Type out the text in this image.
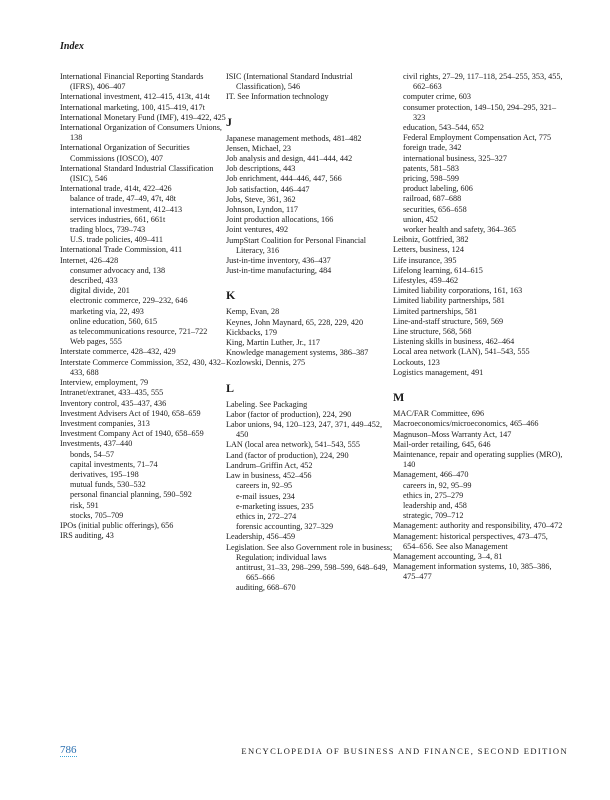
Index
International Financial Reporting Standards (IFRS), 406–407
International investment, 412–415, 413t, 414t
International marketing, 100, 415–419, 417t
International Monetary Fund (IMF), 419–422, 425
International Organization of Consumers Unions, 138
International Organization of Securities Commissions (IOSCO), 407
International Standard Industrial Classification (ISIC), 546
International trade, 414t, 422–426
balance of trade, 47–49, 47t, 48t
international investment, 412–413
services industries, 661, 661t
trading blocs, 739–743
U.S. trade policies, 409–411
International Trade Commission, 411
Internet, 426–428
consumer advocacy and, 138
described, 433
digital divide, 201
electronic commerce, 229–232, 646
marketing via, 22, 493
online education, 560, 615
as telecommunications resource, 721–722
Web pages, 555
Interstate commerce, 428–432, 429
Interstate Commerce Commission, 352, 430, 432–433, 688
Interview, employment, 79
Intranet/extranet, 433–435, 555
Inventory control, 435–437, 436
Investment Advisers Act of 1940, 658–659
Investment companies, 313
Investment Company Act of 1940, 658–659
Investments, 437–440
bonds, 54–57
capital investments, 71–74
derivatives, 195–198
mutual funds, 530–532
personal financial planning, 590–592
risk, 591
stocks, 705–709
IPOs (initial public offerings), 656
IRS auditing, 43
ISIC (International Standard Industrial Classification), 546
IT. See Information technology
J
Japanese management methods, 481–482
Jensen, Michael, 23
Job analysis and design, 441–444, 442
Job descriptions, 443
Job enrichment, 444–446, 447, 566
Job satisfaction, 446–447
Jobs, Steve, 361, 362
Johnson, Lyndon, 117
Joint production allocations, 166
Joint ventures, 492
JumpStart Coalition for Personal Financial Literacy, 316
Just-in-time inventory, 436–437
Just-in-time manufacturing, 484
K
Kemp, Evan, 28
Keynes, John Maynard, 65, 228, 229, 420
Kickbacks, 179
King, Martin Luther, Jr., 117
Knowledge management systems, 386–387
Kozlowski, Dennis, 275
L
Labeling. See Packaging
Labor (factor of production), 224, 290
Labor unions, 94, 120–123, 247, 371, 449–452, 450
LAN (local area network), 541–543, 555
Land (factor of production), 224, 290
Landrum–Griffin Act, 452
Law in business, 452–456
careers in, 92–95
e-mail issues, 234
e-marketing issues, 235
ethics in, 272–274
forensic accounting, 327–329
Leadership, 456–459
Legislation. See also Government role in business; Regulation; individual laws
antitrust, 31–33, 298–299, 598–599, 648–649, 665–666
auditing, 668–670
civil rights, 27–29, 117–118, 254–255, 353, 455, 662–663
computer crime, 603
consumer protection, 149–150, 294–295, 321–323
education, 543–544, 652
Federal Employment Compensation Act, 775
foreign trade, 342
international business, 325–327
patents, 581–583
pricing, 598–599
product labeling, 606
railroad, 687–688
securities, 656–658
union, 452
worker health and safety, 364–365
Leibniz, Gottfried, 382
Letters, business, 124
Life insurance, 395
Lifelong learning, 614–615
Lifestyles, 459–462
Limited liability corporations, 161, 163
Limited liability partnerships, 581
Limited partnerships, 581
Line-and-staff structure, 569, 569
Line structure, 568, 568
Listening skills in business, 462–464
Local area network (LAN), 541–543, 555
Lockouts, 123
Logistics management, 491
M
MAC/FAR Committee, 696
Macroeconomics/microeconomics, 465–466
Magnuson–Moss Warranty Act, 147
Mail-order retailing, 645, 646
Maintenance, repair and operating supplies (MRO), 140
Management, 466–470
careers in, 92, 95–99
ethics in, 275–279
leadership and, 458
strategic, 709–712
Management: authority and responsibility, 470–472
Management: historical perspectives, 473–475, 654–656. See also Management
Management accounting, 3–4, 81
Management information systems, 10, 385–386, 475–477
786	ENCYCLOPEDIA OF BUSINESS AND FINANCE, SECOND EDITION
